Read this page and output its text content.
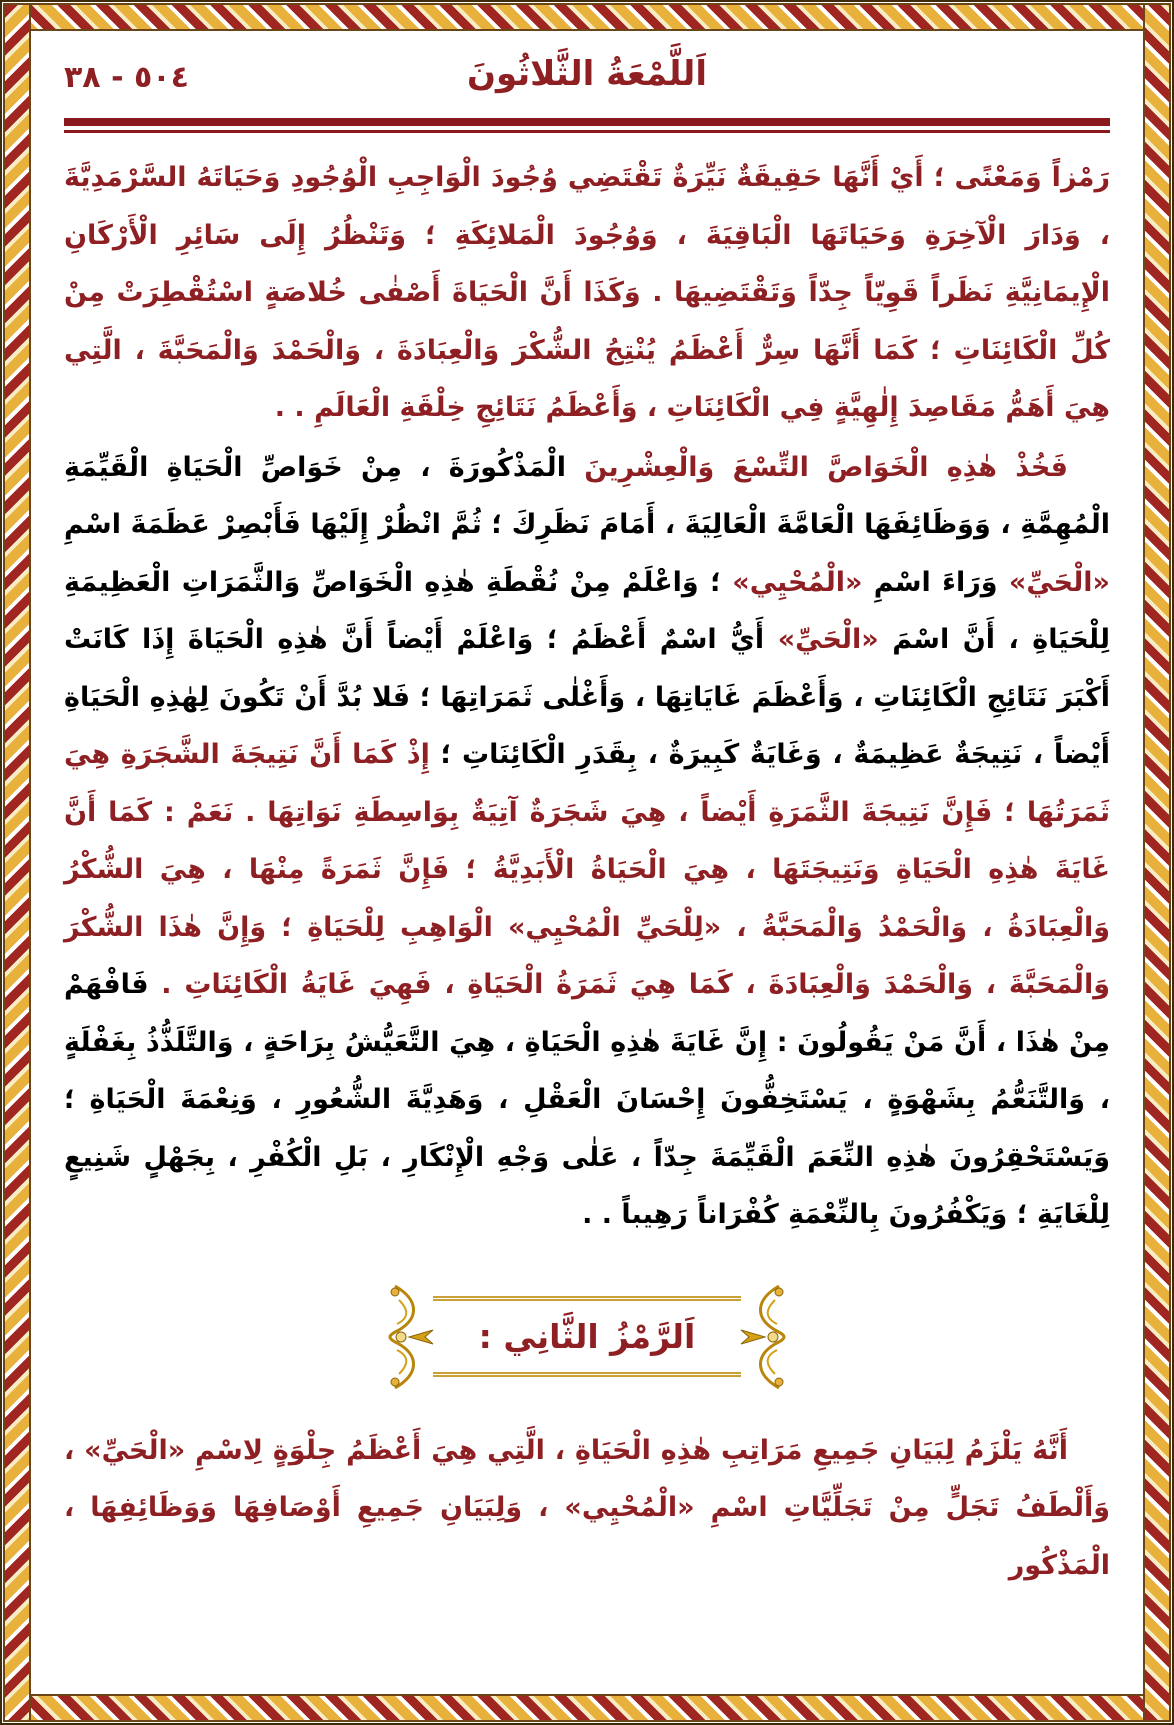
اَللَّمْعَةُ الثَّلاثُونَ
٥٠٤ - ٣٨

رَمْزاً وَمَعْنًى ؛ أَيْ أَنَّهَا حَقِيقَةٌ نَيِّرَةٌ تَقْتَضِي وُجُودَ الْوَاجِبِ الْوُجُودِ وَحَيَاتَهُ السَّرْمَدِيَّةَ ، وَدَارَ الْآخِرَةِ وَحَيَاتَهَا الْبَاقِيَةَ ، وَوُجُودَ الْمَلائِكَةِ ؛ وَتَنْظُرُ إِلَى سَائِرِ الْأَرْكَانِ الْإِيمَانِيَّةِ نَظَراً قَوِيّاً جِدّاً وَتَقْتَضِيهَا . وَكَذَا أَنَّ الْحَيَاةَ أَصْفٰى خُلاصَةٍ اسْتُقْطِرَتْ مِنْ كُلِّ الْكَائِنَاتِ ؛ كَمَا أَنَّهَا سِرٌّ أَعْظَمُ يُنْتِجُ الشُّكْرَ وَالْعِبَادَةَ ، وَالْحَمْدَ وَالْمَحَبَّةَ ، الَّتِي هِيَ أَهَمُّ مَقَاصِدَ إِلٰهِيَّةٍ فِي الْكَائِنَاتِ ، وَأَعْظَمُ نَتَائِجِ خِلْقَةِ الْعَالَمِ . .

فَخُذْ هٰذِهِ الْخَوَاصَّ التِّسْعَ وَالْعِشْرِينَ الْمَذْكُورَةَ ، مِنْ خَوَاصِّ الْحَيَاةِ الْقَيِّمَةِ الْمُهِمَّةِ ، وَوَظَائِفَهَا الْعَامَّةَ الْعَالِيَةَ ، أَمَامَ نَظَرِكَ ؛ ثُمَّ انْظُرْ إِلَيْهَا فَأَبْصِرْ عَظَمَةَ اسْمِ «الْحَيِّ» وَرَاءَ اسْمِ «الْمُحْيِي» ؛ وَاعْلَمْ مِنْ نُقْطَةِ هٰذِهِ الْخَوَاصِّ وَالثَّمَرَاتِ الْعَظِيمَةِ لِلْحَيَاةِ ، أَنَّ اسْمَ «الْحَيِّ» أَيُّ اسْمٌ أَعْظَمُ ؛ وَاعْلَمْ أَيْضاً أَنَّ هٰذِهِ الْحَيَاةَ إِذَا كَانَتْ أَكْبَرَ نَتَائِجِ الْكَائِنَاتِ ، وَأَعْظَمَ غَايَاتِهَا ، وَأَغْلٰى ثَمَرَاتِهَا ؛ فَلا بُدَّ أَنْ تَكُونَ لِهٰذِهِ الْحَيَاةِ أَيْضاً ، نَتِيجَةٌ عَظِيمَةٌ ، وَغَايَةٌ كَبِيرَةٌ ، بِقَدَرِ الْكَائِنَاتِ ؛ إِذْ كَمَا أَنَّ نَتِيجَةَ الشَّجَرَةِ هِيَ ثَمَرَتُهَا ؛ فَإِنَّ نَتِيجَةَ الثَّمَرَةِ أَيْضاً ، هِيَ شَجَرَةٌ آتِيَةٌ بِوَاسِطَةِ نَوَاتِهَا . نَعَمْ : كَمَا أَنَّ غَايَةَ هٰذِهِ الْحَيَاةِ وَنَتِيجَتَهَا ، هِيَ الْحَيَاةُ الْأَبَدِيَّةُ ؛ فَإِنَّ ثَمَرَةً مِنْهَا ، هِيَ الشُّكْرُ وَالْعِبَادَةُ ، وَالْحَمْدُ وَالْمَحَبَّةُ ، «لِلْحَيِّ الْمُحْيِي» الْوَاهِبِ لِلْحَيَاةِ ؛ وَإِنَّ هٰذَا الشُّكْرَ وَالْمَحَبَّةَ ، وَالْحَمْدَ وَالْعِبَادَةَ ، كَمَا هِيَ ثَمَرَةُ الْحَيَاةِ ، فَهِيَ غَايَةُ الْكَائِنَاتِ . فَافْهَمْ مِنْ هٰذَا ، أَنَّ مَنْ يَقُولُونَ : إِنَّ غَايَةَ هٰذِهِ الْحَيَاةِ ، هِيَ التَّعَيُّشُ بِرَاحَةٍ ، وَالتَّلَذُّذُ بِغَفْلَةٍ ، وَالتَّنَعُّمُ بِشَهْوَةٍ ، يَسْتَخِفُّونَ إِحْسَانَ الْعَقْلِ ، وَهَدِيَّةَ الشُّعُورِ ، وَنِعْمَةَ الْحَيَاةِ ؛ وَيَسْتَحْقِرُونَ هٰذِهِ النِّعَمَ الْقَيِّمَةَ جِدّاً ، عَلٰى وَجْهِ الْإِنْكَارِ ، بَلِ الْكُفْرِ ، بِجَهْلٍ شَنِيعٍ لِلْغَايَةِ ؛ وَيَكْفُرُونَ بِالنِّعْمَةِ كُفْرَاناً رَهِيباً . .

اَلرَّمْزُ الثَّانِي :

أَنَّهُ يَلْزَمُ لِبَيَانِ جَمِيعِ مَرَاتِبِ هٰذِهِ الْحَيَاةِ ، الَّتِي هِيَ أَعْظَمُ جِلْوَةٍ لِاسْمِ «الْحَيِّ» ، وَأَلْطَفُ تَجَلٍّ مِنْ تَجَلِّيَّاتِ اسْمِ «الْمُحْيِي» ، وَلِبَيَانِ جَمِيعِ أَوْصَافِهَا وَوَظَائِفِهَا ، الْمَذْكُور
